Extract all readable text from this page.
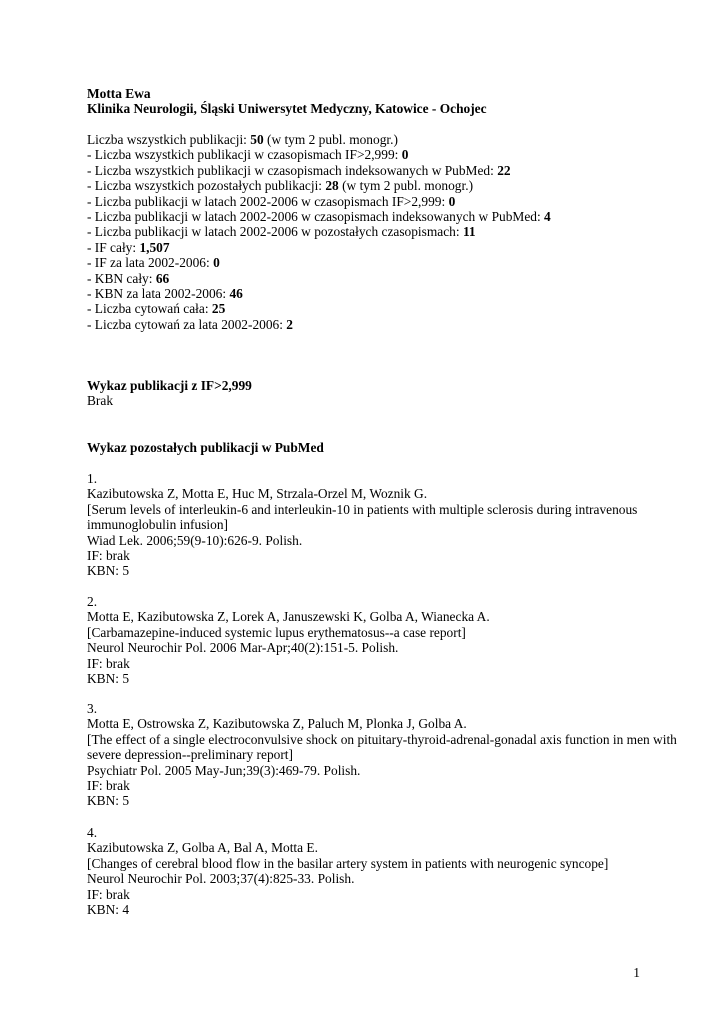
Motta Ewa
Klinika Neurologii, Śląski Uniwersytet Medyczny, Katowice - Ochojec
Liczba wszystkich publikacji: 50 (w tym 2 publ. monogr.)
- Liczba wszystkich publikacji w czasopismach IF>2,999: 0
- Liczba wszystkich publikacji w czasopismach indeksowanych w PubMed: 22
- Liczba wszystkich pozostałych publikacji: 28 (w tym 2 publ. monogr.)
- Liczba publikacji w latach 2002-2006 w czasopismach IF>2,999: 0
- Liczba publikacji w latach 2002-2006 w czasopismach indeksowanych w PubMed: 4
- Liczba publikacji w latach 2002-2006 w pozostałych czasopismach: 11
- IF cały: 1,507
- IF za lata 2002-2006: 0
- KBN cały: 66
- KBN za lata 2002-2006: 46
- Liczba cytowań cała: 25
- Liczba cytowań za lata 2002-2006: 2
Wykaz publikacji z IF>2,999
Brak
Wykaz pozostałych publikacji w PubMed
1.
Kazibutowska Z, Motta E, Huc M, Strzala-Orzel M, Woznik G.
[Serum levels of interleukin-6 and interleukin-10 in patients with multiple sclerosis during intravenous immunoglobulin infusion]
Wiad Lek. 2006;59(9-10):626-9. Polish.
IF: brak
KBN: 5
2.
Motta E, Kazibutowska Z, Lorek A, Januszewski K, Golba A, Wianecka A.
[Carbamazepine-induced systemic lupus erythematosus--a case report]
Neurol Neurochir Pol. 2006 Mar-Apr;40(2):151-5. Polish.
IF: brak
KBN: 5
3.
Motta E, Ostrowska Z, Kazibutowska Z, Paluch M, Plonka J, Golba A.
[The effect of a single electroconvulsive shock on pituitary-thyroid-adrenal-gonadal axis function in men with severe depression--preliminary report]
Psychiatr Pol. 2005 May-Jun;39(3):469-79. Polish.
IF: brak
KBN: 5
4.
Kazibutowska Z, Golba A, Bal A, Motta E.
[Changes of cerebral blood flow in the basilar artery system in patients with neurogenic syncope]
Neurol Neurochir Pol. 2003;37(4):825-33. Polish.
IF: brak
KBN: 4
1
